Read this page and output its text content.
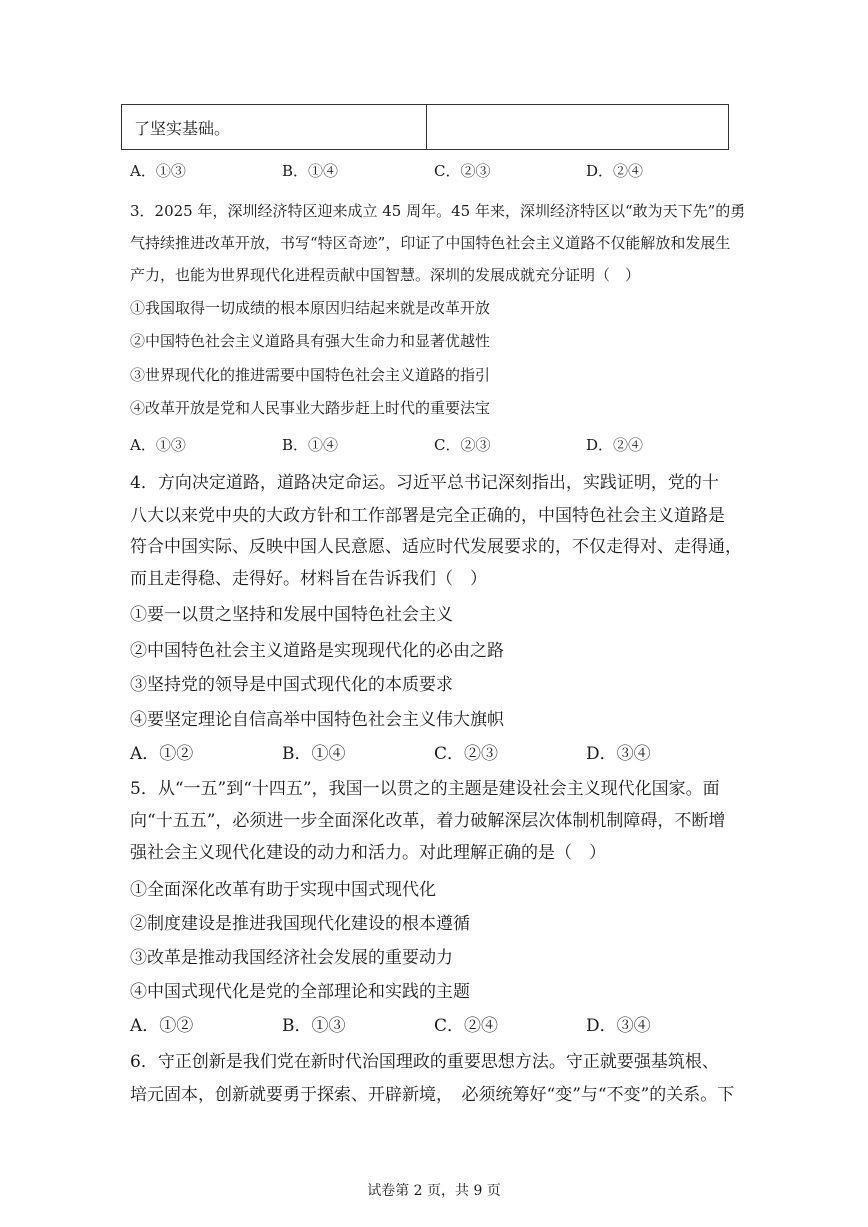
了坚实基础。
A．①③	B．①④	C．②③	D．②④
3．2025 年，深圳经济特区迎来成立 45 周年。45 年来，深圳经济特区以“敢为天下先”的勇
气持续推进改革开放，书写“特区奇迹”，印证了中国特色社会主义道路不仅能解放和发展生
产力，也能为世界现代化进程贡献中国智慧。深圳的发展成就充分证明（　）
①我国取得一切成绩的根本原因归结起来就是改革开放
②中国特色社会主义道路具有强大生命力和显著优越性
③世界现代化的推进需要中国特色社会主义道路的指引
④改革开放是党和人民事业大踏步赶上时代的重要法宝
A．①③	B．①④	C．②③	D．②④
4．方向决定道路，道路决定命运。习近平总书记深刻指出，实践证明，党的十
八大以来党中央的大政方针和工作部署是完全正确的，中国特色社会主义道路是
符合中国实际、反映中国人民意愿、适应时代发展要求的，不仅走得对、走得通，
而且走得稳、走得好。材料旨在告诉我们（　）
①要一以贯之坚持和发展中国特色社会主义
②中国特色社会主义道路是实现现代化的必由之路
③坚持党的领导是中国式现代化的本质要求
④要坚定理论自信高举中国特色社会主义伟大旗帜
A．①②	B．①④	C．②③	D．③④
5．从“一五”到“十四五”，我国一以贯之的主题是建设社会主义现代化国家。面
向“十五五”，必须进一步全面深化改革，着力破解深层次体制机制障碍，不断增
强社会主义现代化建设的动力和活力。对此理解正确的是（　）
①全面深化改革有助于实现中国式现代化
②制度建设是推进我国现代化建设的根本遵循
③改革是推动我国经济社会发展的重要动力
④中国式现代化是党的全部理论和实践的主题
A．①②	B．①③	C．②④	D．③④
6．守正创新是我们党在新时代治国理政的重要思想方法。守正就要强基筑根、
培元固本，创新就要勇于探索、开辟新境，　必须统筹好“变”与“不变”的关系。下
试卷第 2 页，共 9 页
